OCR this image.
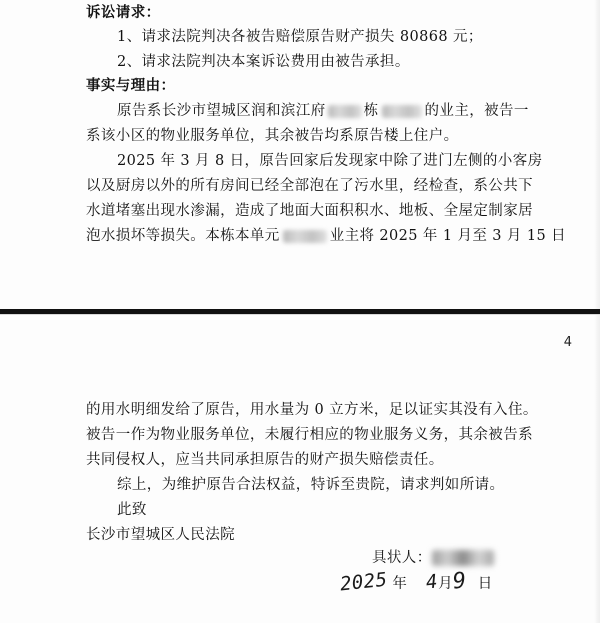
诉讼请求：
1、请求法院判决各被告赔偿原告财产损失 80868 元；
2、请求法院判决本案诉讼费用由被告承担。
事实与理由：
原告系长沙市望城区润和滨江府	栋	的业主，被告一
系该小区的物业服务单位，其余被告均系原告楼上住户。
2025 年 3 月 8 日，原告回家后发现家中除了进门左侧的小客房
以及厨房以外的所有房间已经全部泡在了污水里，经检查，系公共下
水道堵塞出现水渗漏，造成了地面大面积积水、地板、全屋定制家居
泡水损坏等损失。本栋本单元	业主将 2025 年 1 月至 3 月 15 日
4
的用水明细发给了原告，用水量为 0 立方米，足以证实其没有入住。
被告一作为物业服务单位，未履行相应的物业服务义务，其余被告系
共同侵权人，应当共同承担原告的财产损失赔偿责任。
综上，为维护原告合法权益，特诉至贵院，请求判如所请。
此致
长沙市望城区人民法院
具状人：
2025 年 4月9 日
